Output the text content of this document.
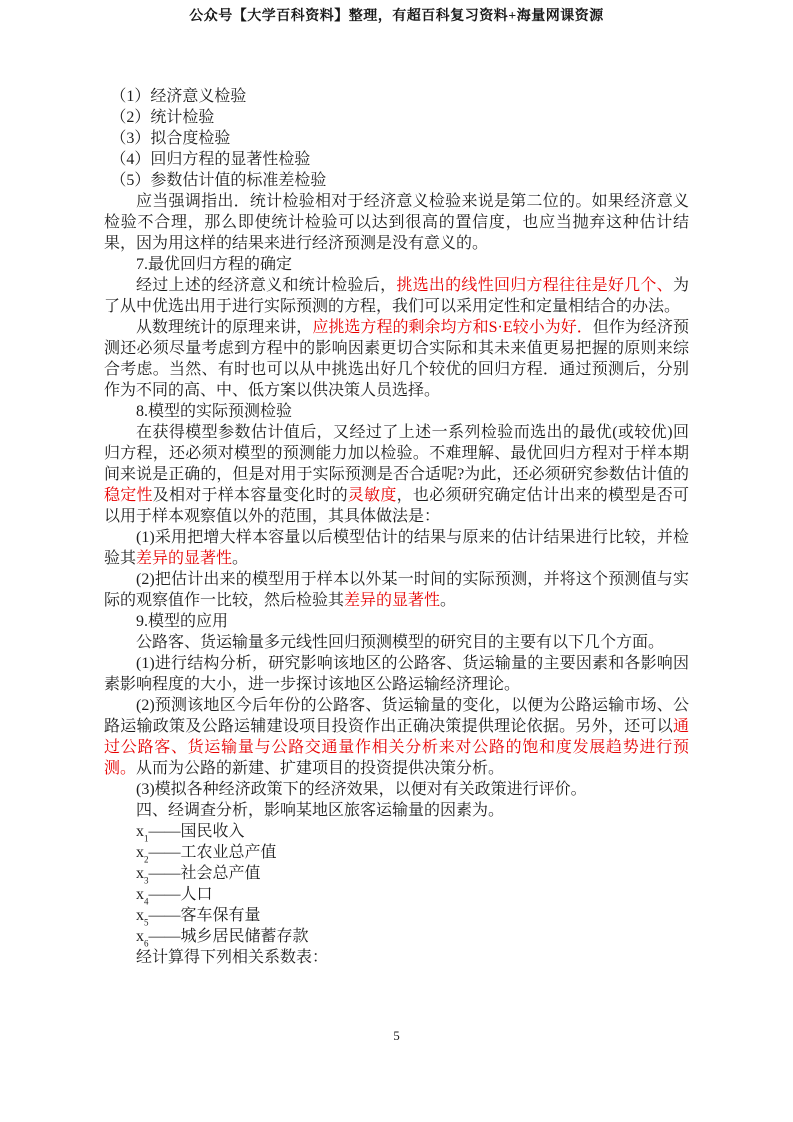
公众号【大学百科资料】整理，有超百科复习资料+海量网课资源

（1）经济意义检验

（2）统计检验

（3）拟合度检验

（4）回归方程的显著性检验

（5）参数估计值的标准差检验

应当强调指出．统计检验相对于经济意义检验来说是第二位的。如果经济意义检验不合理，那么即使统计检验可以达到很高的置信度，也应当抛弃这种估计结果，因为用这样的结果来进行经济预测是没有意义的。

7.最优回归方程的确定

经过上述的经济意义和统计检验后，挑选出的线性回归方程往往是好几个、为了从中优选出用于进行实际预测的方程，我们可以采用定性和定量相结合的办法。

从数理统计的原理来讲，应挑选方程的剩余均方和S·E较小为好．但作为经济预测还必须尽量考虑到方程中的影响因素更切合实际和其未来值更易把握的原则来综合考虑。当然、有时也可以从中挑选出好几个较优的回归方程．通过预测后，分别作为不同的高、中、低方案以供决策人员选择。

8.模型的实际预测检验

在获得模型参数估计值后，又经过了上述一系列检验而选出的最优(或较优)回归方程，还必须对模型的预测能力加以检验。不难理解、最优回归方程对于样本期间来说是正确的，但是对用于实际预测是否合适呢?为此，还必须研究参数估计值的稳定性及相对于样本容量变化时的灵敏度，也必须研究确定估计出来的模型是否可以用于样本观察值以外的范围，其具体做法是：

(1)采用把增大样本容量以后模型估计的结果与原来的估计结果进行比较，并检验其差异的显著性。

(2)把估计出来的模型用于样本以外某一时间的实际预测，并将这个预测值与实际的观察值作一比较，然后检验其差异的显著性。

9.模型的应用

公路客、货运输量多元线性回归预测模型的研究目的主要有以下几个方面。

(1)进行结构分析，研究影响该地区的公路客、货运输量的主要因素和各影响因素影响程度的大小，进一步探讨该地区公路运输经济理论。

(2)预测该地区今后年份的公路客、货运输量的变化，以便为公路运输市场、公路运输政策及公路运辅建设项目投资作出正确决策提供理论依据。另外，还可以通过公路客、货运输量与公路交通量作相关分析来对公路的饱和度发展趋势进行预测。从而为公路的新建、扩建项目的投资提供决策分析。

(3)模拟各种经济政策下的经济效果，以便对有关政策进行评价。

四、经调查分析，影响某地区旅客运输量的因素为。

$x_1——$国民收入

$x_2——$工农业总产值

$x_3——$社会总产值

$x_4——$人口

$x_5——$客车保有量

$x_6——$城乡居民储蓄存款

经计算得下列相关系数表：

5
